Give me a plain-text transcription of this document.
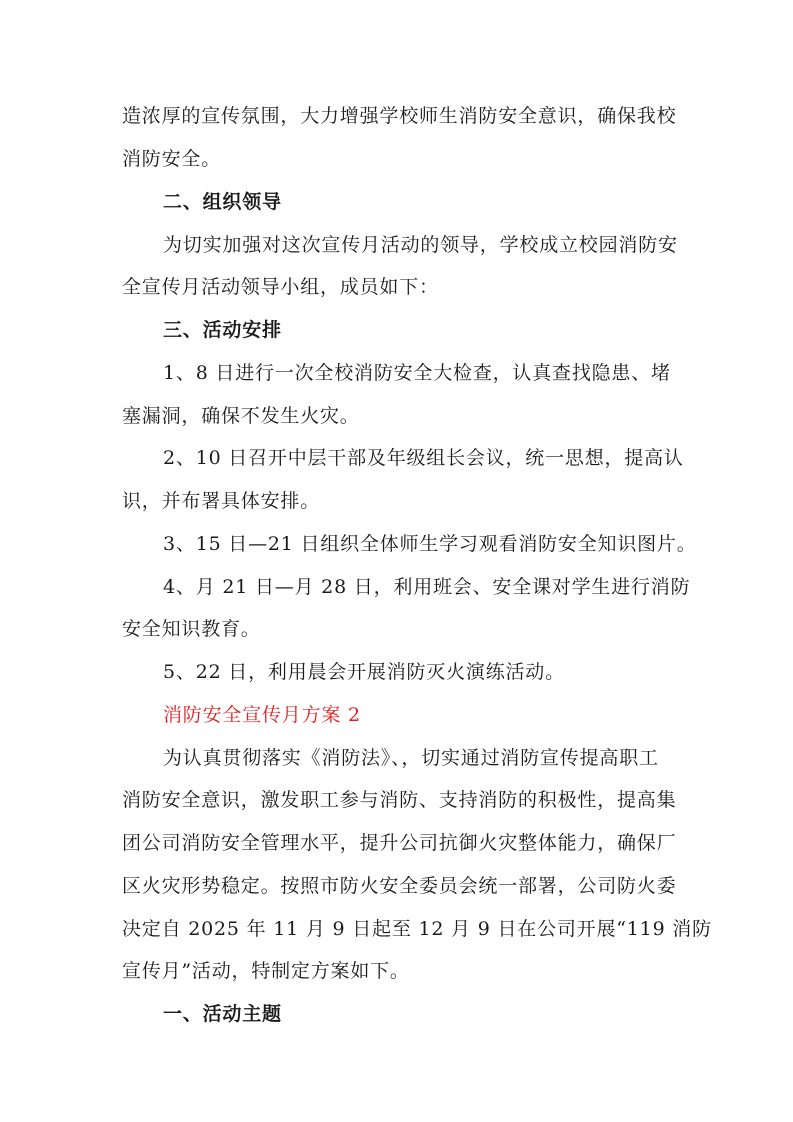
造浓厚的宣传氛围，大力增强学校师生消防安全意识，确保我校
消防安全。
二、组织领导
为切实加强对这次宣传月活动的领导，学校成立校园消防安
全宣传月活动领导小组，成员如下：
三、活动安排
1、8 日进行一次全校消防安全大检查，认真查找隐患、堵
塞漏洞，确保不发生火灾。
2、10 日召开中层干部及年级组长会议，统一思想，提高认
识，并布署具体安排。
3、15 日—21 日组织全体师生学习观看消防安全知识图片。
4、月 21 日—月 28 日，利用班会、安全课对学生进行消防
安全知识教育。
5、22 日，利用晨会开展消防灭火演练活动。
消防安全宣传月方案 2
为认真贯彻落实《消防法》、，切实通过消防宣传提高职工
消防安全意识，激发职工参与消防、支持消防的积极性，提高集
团公司消防安全管理水平，提升公司抗御火灾整体能力，确保厂
区火灾形势稳定。按照市防火安全委员会统一部署，公司防火委
决定自 2025 年 11 月 9 日起至 12 月 9 日在公司开展“119 消防
宣传月”活动，特制定方案如下。
一、活动主题
